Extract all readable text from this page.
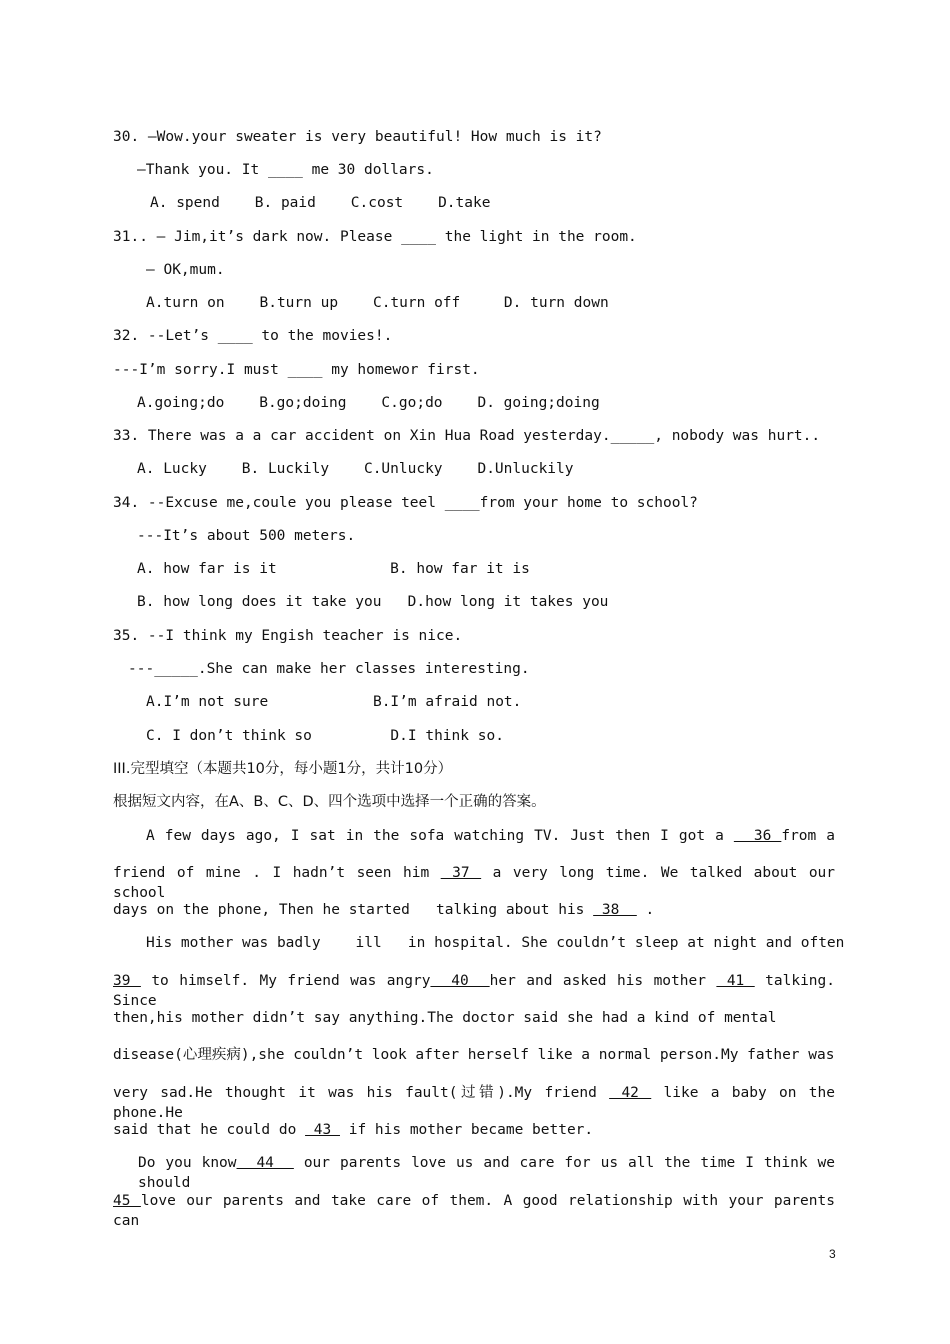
30. —Wow.your sweater is very beautiful! How much is it?
—Thank you. It ____ me 30 dollars.
A. spend    B. paid    C.cost    D.take
31.. — Jim,it’s dark now. Please ____ the light in the room.
— OK,mum.
A.turn on    B.turn up    C.turn off     D. turn down
32. --Let’s ____ to the movies!.
---I’m sorry.I must ____ my homewor first.
A.going;do    B.go;doing    C.go;do    D. going;doing
33. There was a a car accident on Xin Hua Road yesterday._____, nobody was hurt..
A. Lucky    B. Luckily    C.Unlucky    D.Unluckily
34. --Excuse me,coule you please teel ____from your home to school?
---It’s about 500 meters.
A. how far is it             B. how far it is
B. how long does it take you   D.how long it takes you
35. --I think my Engish teacher is nice.
---_____.She can make her classes interesting.
A.I’m not sure            B.I’m afraid not.
C. I don’t think so         D.I think so.
III.完型填空（本题共10分，每小题1分，共计10分）
根据短文内容，在A、B、C、D、四个选项中选择一个正确的答案。
A few days ago, I sat in the sofa watching TV. Just then I got a   36 from a
friend of mine . I hadn’t seen him  37  a very long time. We talked about our school
days on the phone, Then he started   talking about his  38   .
His mother was badly    ill   in hospital. She couldn’t sleep at night and often
39  to himself. My friend was angry  40  her and asked his mother  41  talking. Since
then,his mother didn’t say anything.The doctor said she had a kind of mental
disease(心理疾病),she couldn’t look after herself like a normal person.My father was
very sad.He thought it was his fault(过错).My friend  42  like a baby on the phone.He
said that he could do  43  if his mother became better.
Do you know  44   our parents love us and care for us all the time I think we should
45 love our parents and take care of them. A good relationship with your parents can
3
